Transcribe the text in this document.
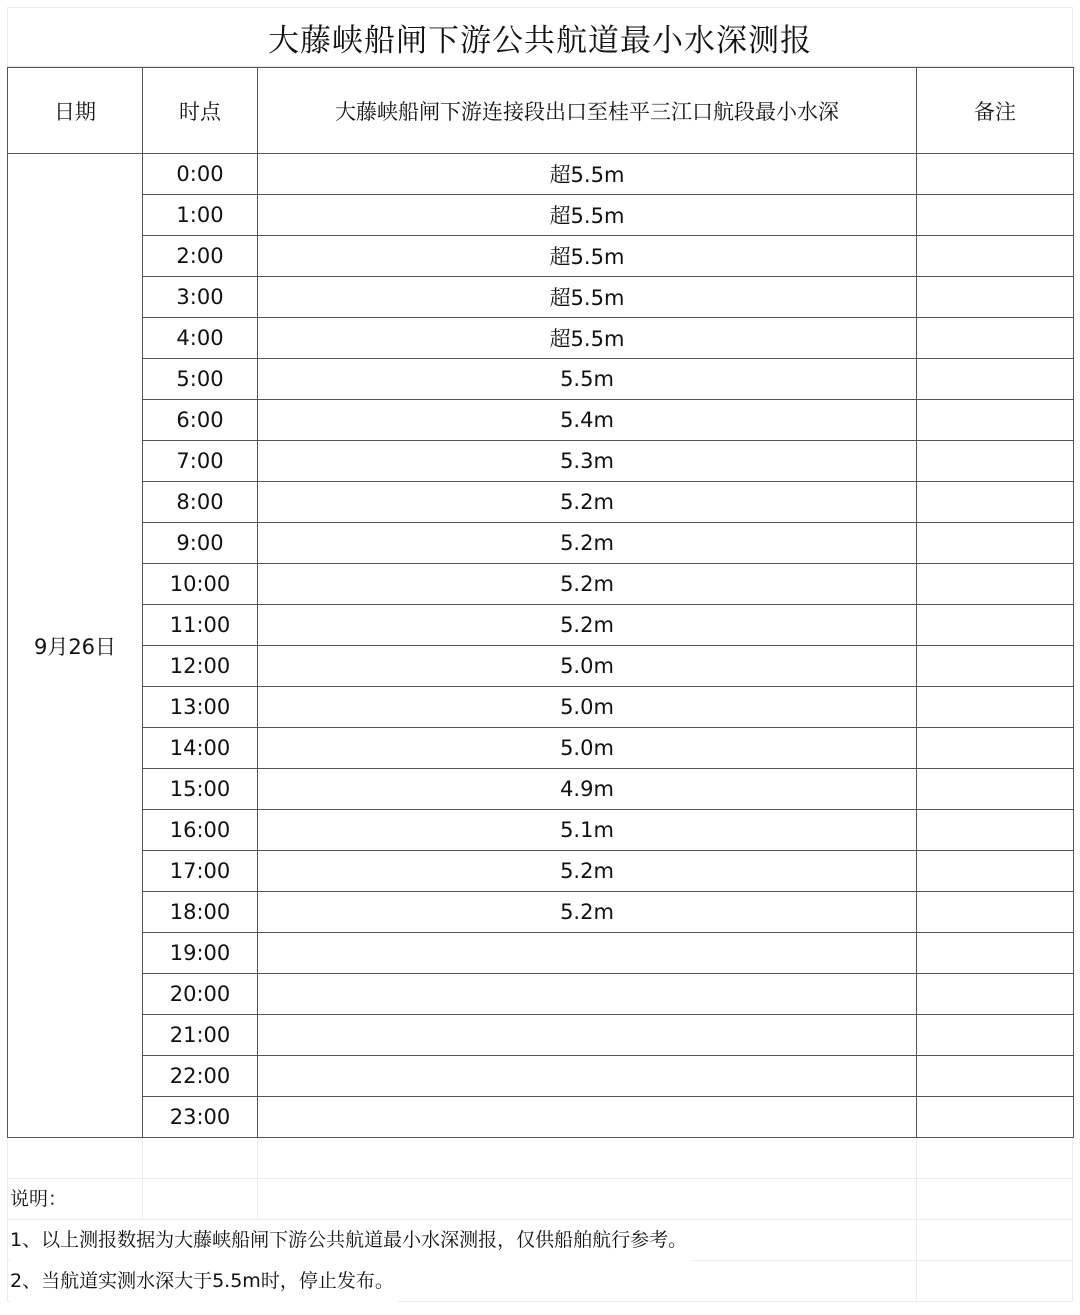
大藤峡船闸下游公共航道最小水深测报
日期	时点	大藤峡船闸下游连接段出口至桂平三江口航段最小水深	备注
9月26日	0:00	超5.5m	
	1:00	超5.5m	
	2:00	超5.5m	
	3:00	超5.5m	
	4:00	超5.5m	
	5:00	5.5m	
	6:00	5.4m	
	7:00	5.3m	
	8:00	5.2m	
	9:00	5.2m	
	10:00	5.2m	
	11:00	5.2m	
	12:00	5.0m	
	13:00	5.0m	
	14:00	5.0m	
	15:00	4.9m	
	16:00	5.1m	
	17:00	5.2m	
	18:00	5.2m	
	19:00		
	20:00		
	21:00		
	22:00		
	23:00		
说明：
1、以上测报数据为大藤峡船闸下游公共航道最小水深测报，仅供船舶航行参考。
2、当航道实测水深大于5.5m时，停止发布。
